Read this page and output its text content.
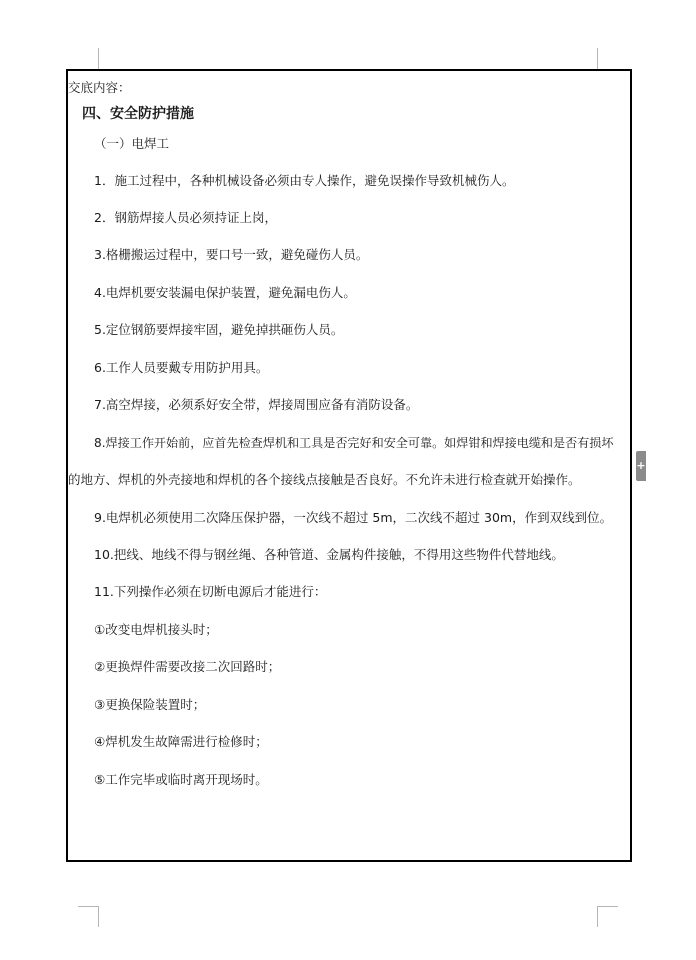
交底内容：
四、安全防护措施
（一）电焊工
1．施工过程中，各种机械设备必须由专人操作，避免误操作导致机械伤人。
2．钢筋焊接人员必须持证上岗，
3.格栅搬运过程中，要口号一致，避免碰伤人员。
4.电焊机要安装漏电保护装置，避免漏电伤人。
5.定位钢筋要焊接牢固，避免掉拱砸伤人员。
6.工作人员要戴专用防护用具。
7.高空焊接，必须系好安全带，焊接周围应备有消防设备。
8.焊接工作开始前，应首先检查焊机和工具是否完好和安全可靠。如焊钳和焊接电缆和是否有损坏
的地方、焊机的外壳接地和焊机的各个接线点接触是否良好。不允许未进行检查就开始操作。
9.电焊机必须使用二次降压保护器，一次线不超过 5m，二次线不超过 30m，作到双线到位。
10.把线、地线不得与钢丝绳、各种管道、金属构件接触，不得用这些物件代替地线。
11.下列操作必须在切断电源后才能进行：
①改变电焊机接头时；
②更换焊件需要改接二次回路时；
③更换保险装置时；
④焊机发生故障需进行检修时；
⑤工作完毕或临时离开现场时。
+
